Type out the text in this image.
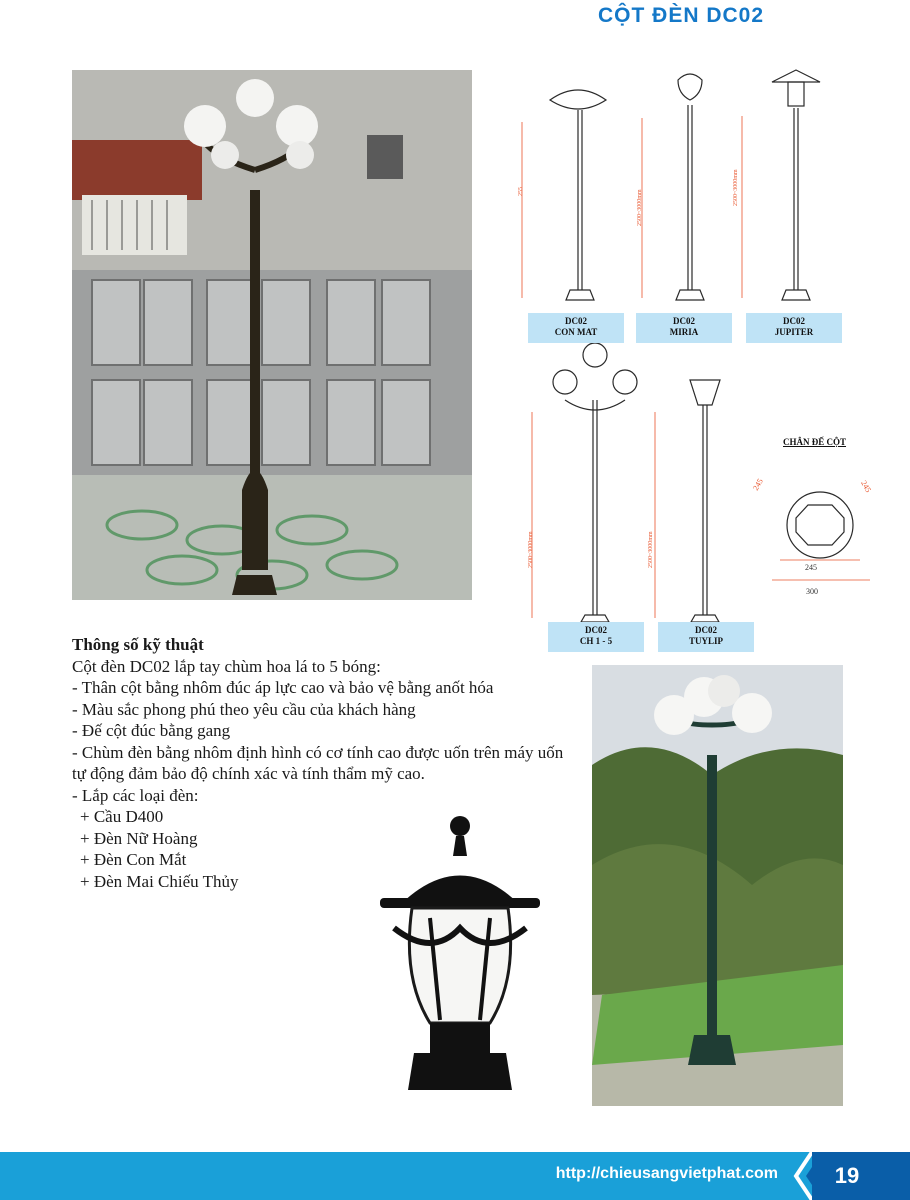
CỘT ĐÈN DC02
255	2500~3000mm
2500~3000mm
2500~3000mm	2500~3000mm
DC02
CON MAT
DC02
MIRIA
DC02
JUPITER
DC02
CH 1 - 5
DC02
TUYLIP
CHÂN ĐẾ CỘT
245	245
245
300
Thông số kỹ thuật
Cột đèn DC02 lắp tay chùm hoa lá to 5 bóng:
- Thân cột bằng nhôm đúc áp lực cao và bảo vệ bằng anốt hóa
- Màu sắc phong phú theo yêu cầu của khách hàng
- Đế cột đúc bằng gang
- Chùm đèn bằng nhôm định hình có cơ tính cao được uốn trên máy uốn tự động đảm bảo độ chính xác và tính thẩm mỹ cao.
- Lắp các loại đèn:
+ Cầu D400
+ Đèn Nữ Hoàng
+ Đèn Con Mắt
+ Đèn Mai Chiếu Thủy
http://chieusangvietphat.com	19
